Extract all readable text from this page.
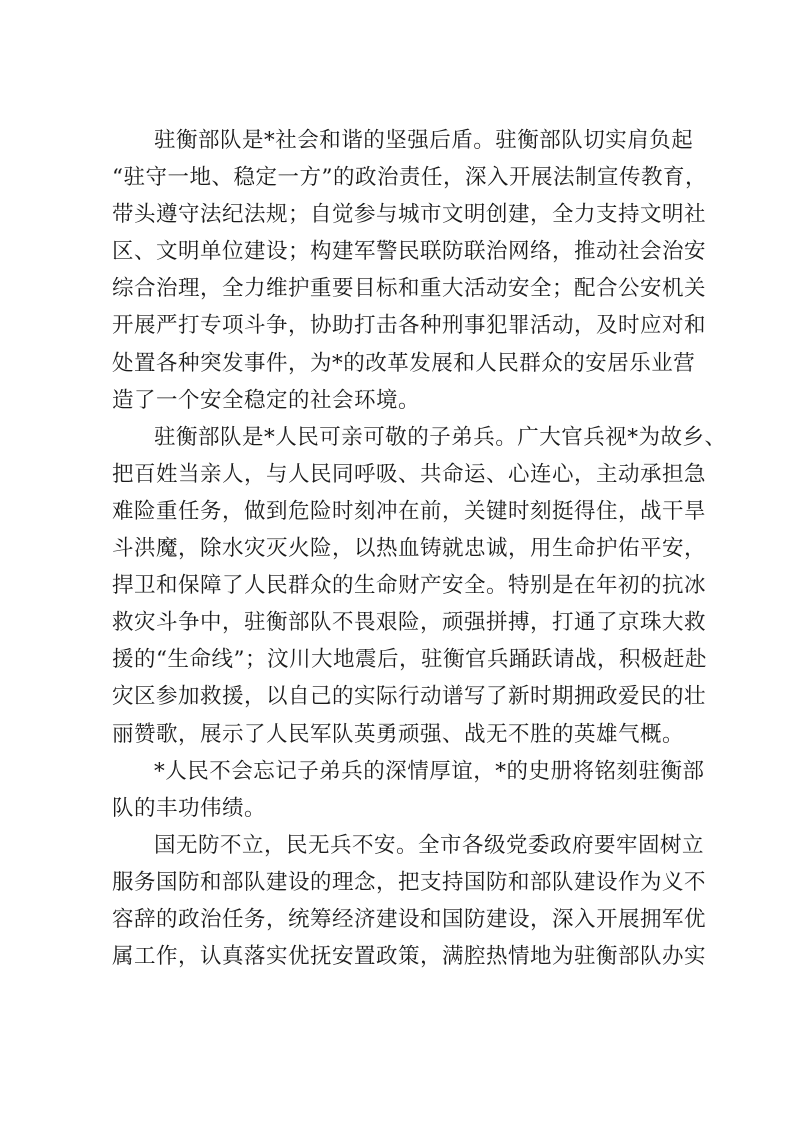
驻衡部队是*社会和谐的坚强后盾。驻衡部队切实肩负起
“驻守一地、稳定一方”的政治责任，深入开展法制宣传教育，
带头遵守法纪法规；自觉参与城市文明创建，全力支持文明社
区、文明单位建设；构建军警民联防联治网络，推动社会治安
综合治理，全力维护重要目标和重大活动安全；配合公安机关
开展严打专项斗争，协助打击各种刑事犯罪活动，及时应对和
处置各种突发事件，为*的改革发展和人民群众的安居乐业营
造了一个安全稳定的社会环境。
驻衡部队是*人民可亲可敬的子弟兵。广大官兵视*为故乡、
把百姓当亲人，与人民同呼吸、共命运、心连心，主动承担急
难险重任务，做到危险时刻冲在前，关键时刻挺得住，战干旱
斗洪魔，除水灾灭火险，以热血铸就忠诚，用生命护佑平安，
捍卫和保障了人民群众的生命财产安全。特别是在年初的抗冰
救灾斗争中，驻衡部队不畏艰险，顽强拼搏，打通了京珠大救
援的“生命线”；汶川大地震后，驻衡官兵踊跃请战，积极赶赴
灾区参加救援，以自己的实际行动谱写了新时期拥政爱民的壮
丽赞歌，展示了人民军队英勇顽强、战无不胜的英雄气概。
*人民不会忘记子弟兵的深情厚谊，*的史册将铭刻驻衡部
队的丰功伟绩。
国无防不立，民无兵不安。全市各级党委政府要牢固树立
服务国防和部队建设的理念，把支持国防和部队建设作为义不
容辞的政治任务，统筹经济建设和国防建设，深入开展拥军优
属工作，认真落实优抚安置政策，满腔热情地为驻衡部队办实
